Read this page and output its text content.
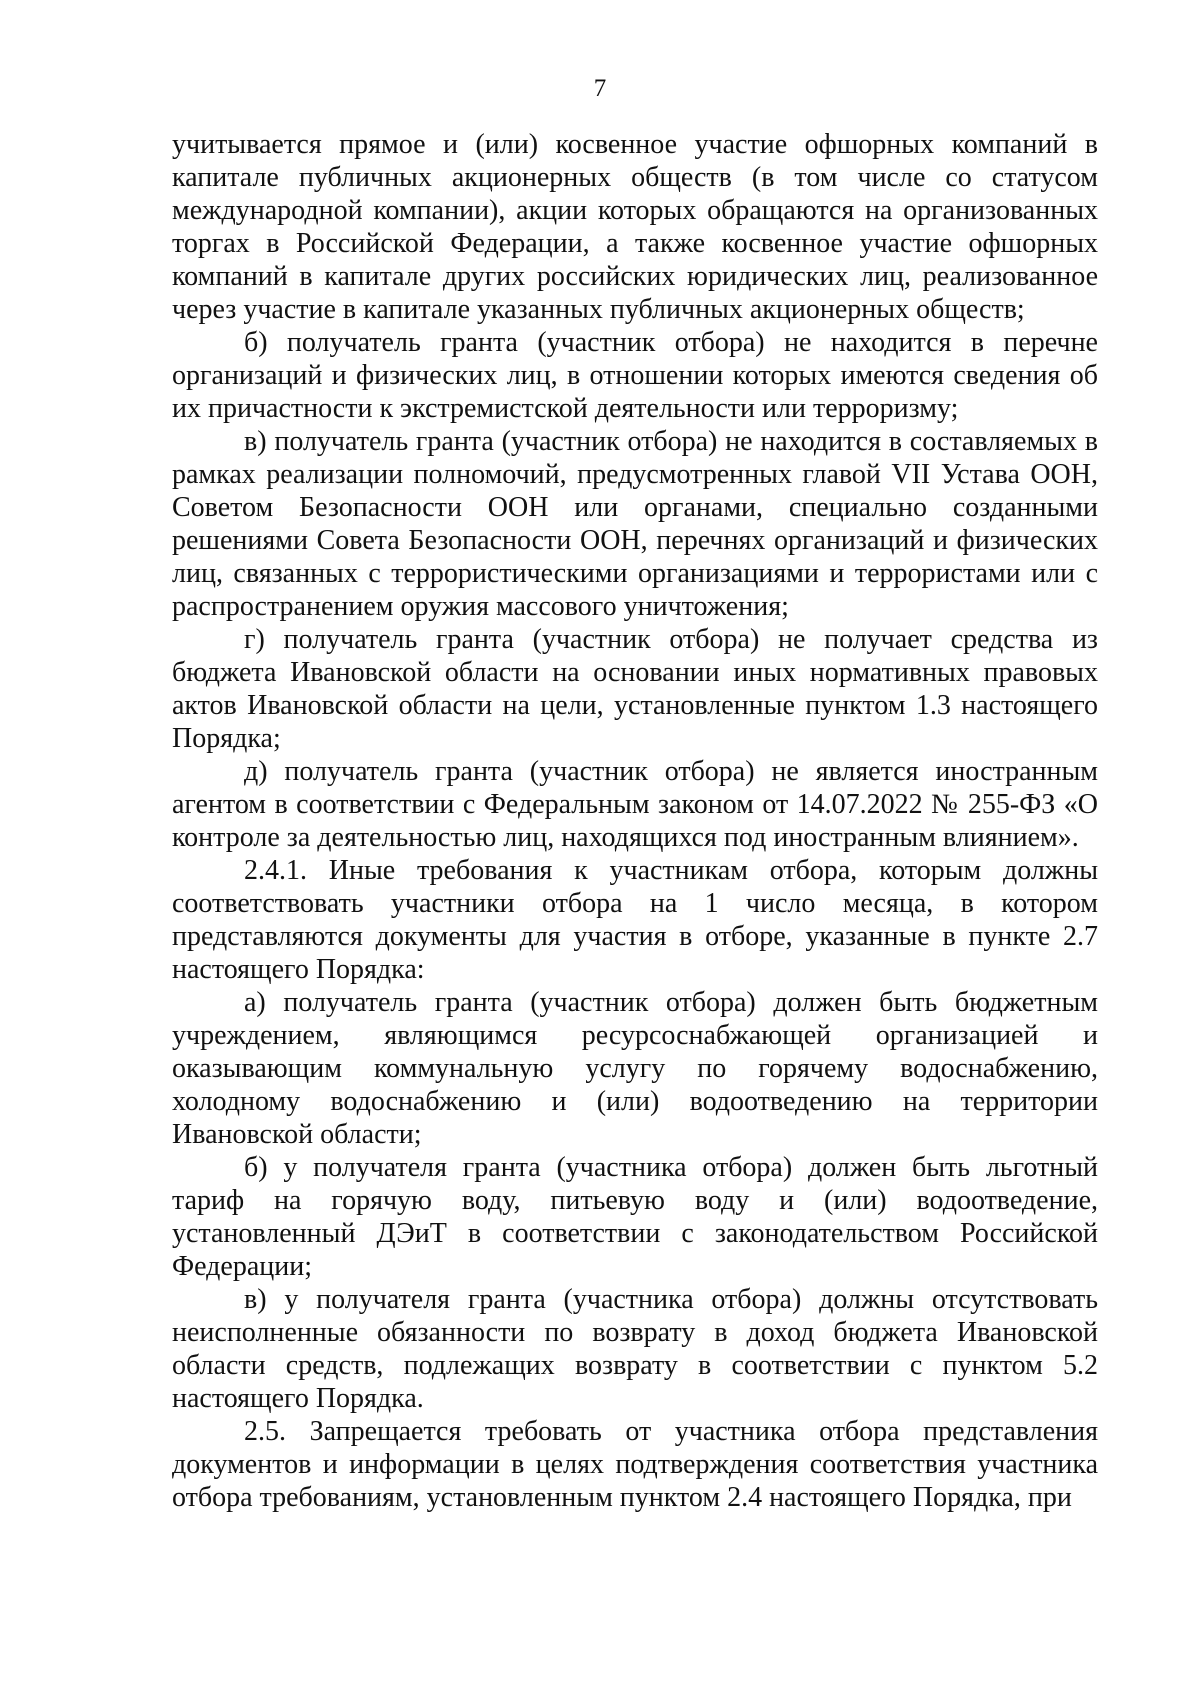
7

учитывается прямое и (или) косвенное участие офшорных компаний в капитале публичных акционерных обществ (в том числе со статусом международной компании), акции которых обращаются на организованных торгах в Российской Федерации, а также косвенное участие офшорных компаний в капитале других российских юридических лиц, реализованное через участие в капитале указанных публичных акционерных обществ;

б) получатель гранта (участник отбора) не находится в перечне организаций и физических лиц, в отношении которых имеются сведения об их причастности к экстремистской деятельности или терроризму;

в) получатель гранта (участник отбора) не находится в составляемых в рамках реализации полномочий, предусмотренных главой VII Устава ООН, Советом Безопасности ООН или органами, специально созданными решениями Совета Безопасности ООН, перечнях организаций и физических лиц, связанных с террористическими организациями и террористами или с распространением оружия массового уничтожения;

г) получатель гранта (участник отбора) не получает средства из бюджета Ивановской области на основании иных нормативных правовых актов Ивановской области на цели, установленные пунктом 1.3 настоящего Порядка;

д) получатель гранта (участник отбора) не является иностранным агентом в соответствии с Федеральным законом от 14.07.2022 № 255-ФЗ «О контроле за деятельностью лиц, находящихся под иностранным влиянием».

2.4.1. Иные требования к участникам отбора, которым должны соответствовать участники отбора на 1 число месяца, в котором представляются документы для участия в отборе, указанные в пункте 2.7 настоящего Порядка:

а) получатель гранта (участник отбора) должен быть бюджетным учреждением, являющимся ресурсоснабжающей организацией и оказывающим коммунальную услугу по горячему водоснабжению, холодному водоснабжению и (или) водоотведению на территории Ивановской области;

б) у получателя гранта (участника отбора) должен быть льготный тариф на горячую воду, питьевую воду и (или) водоотведение, установленный ДЭиТ в соответствии с законодательством Российской Федерации;

в) у получателя гранта (участника отбора) должны отсутствовать неисполненные обязанности по возврату в доход бюджета Ивановской области средств, подлежащих возврату в соответствии с пунктом 5.2 настоящего Порядка.

2.5. Запрещается требовать от участника отбора представления документов и информации в целях подтверждения соответствия участника отбора требованиям, установленным пунктом 2.4 настоящего Порядка, при
